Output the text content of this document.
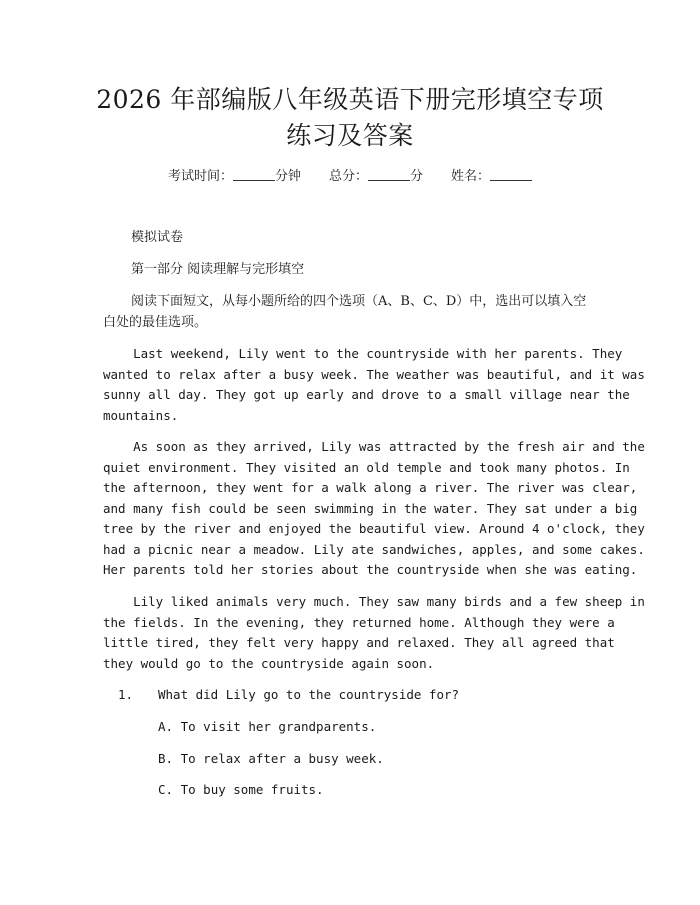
2026 年部编版八年级英语下册完形填空专项
练习及答案
考试时间：	分钟 总分：	分 姓名：
模拟试卷
第一部分 阅读理解与完形填空
阅读下面短文，从每小题所给的四个选项（A、B、C、D）中，选出可以填入空
白处的最佳选项。
Last weekend, Lily went to the countryside with her parents. They
wanted to relax after a busy week. The weather was beautiful, and it was
sunny all day. They got up early and drove to a small village near the
mountains.
As soon as they arrived, Lily was attracted by the fresh air and the
quiet environment. They visited an old temple and took many photos. In
the afternoon, they went for a walk along a river. The river was clear,
and many fish could be seen swimming in the water. They sat under a big
tree by the river and enjoyed the beautiful view. Around 4 o'clock, they
had a picnic near a meadow. Lily ate sandwiches, apples, and some cakes.
Her parents told her stories about the countryside when she was eating.
Lily liked animals very much. They saw many birds and a few sheep in
the fields. In the evening, they returned home. Although they were a
little tired, they felt very happy and relaxed. They all agreed that
they would go to the countryside again soon.
1. What did Lily go to the countryside for?
A. To visit her grandparents.
B. To relax after a busy week.
C. To buy some fruits.
